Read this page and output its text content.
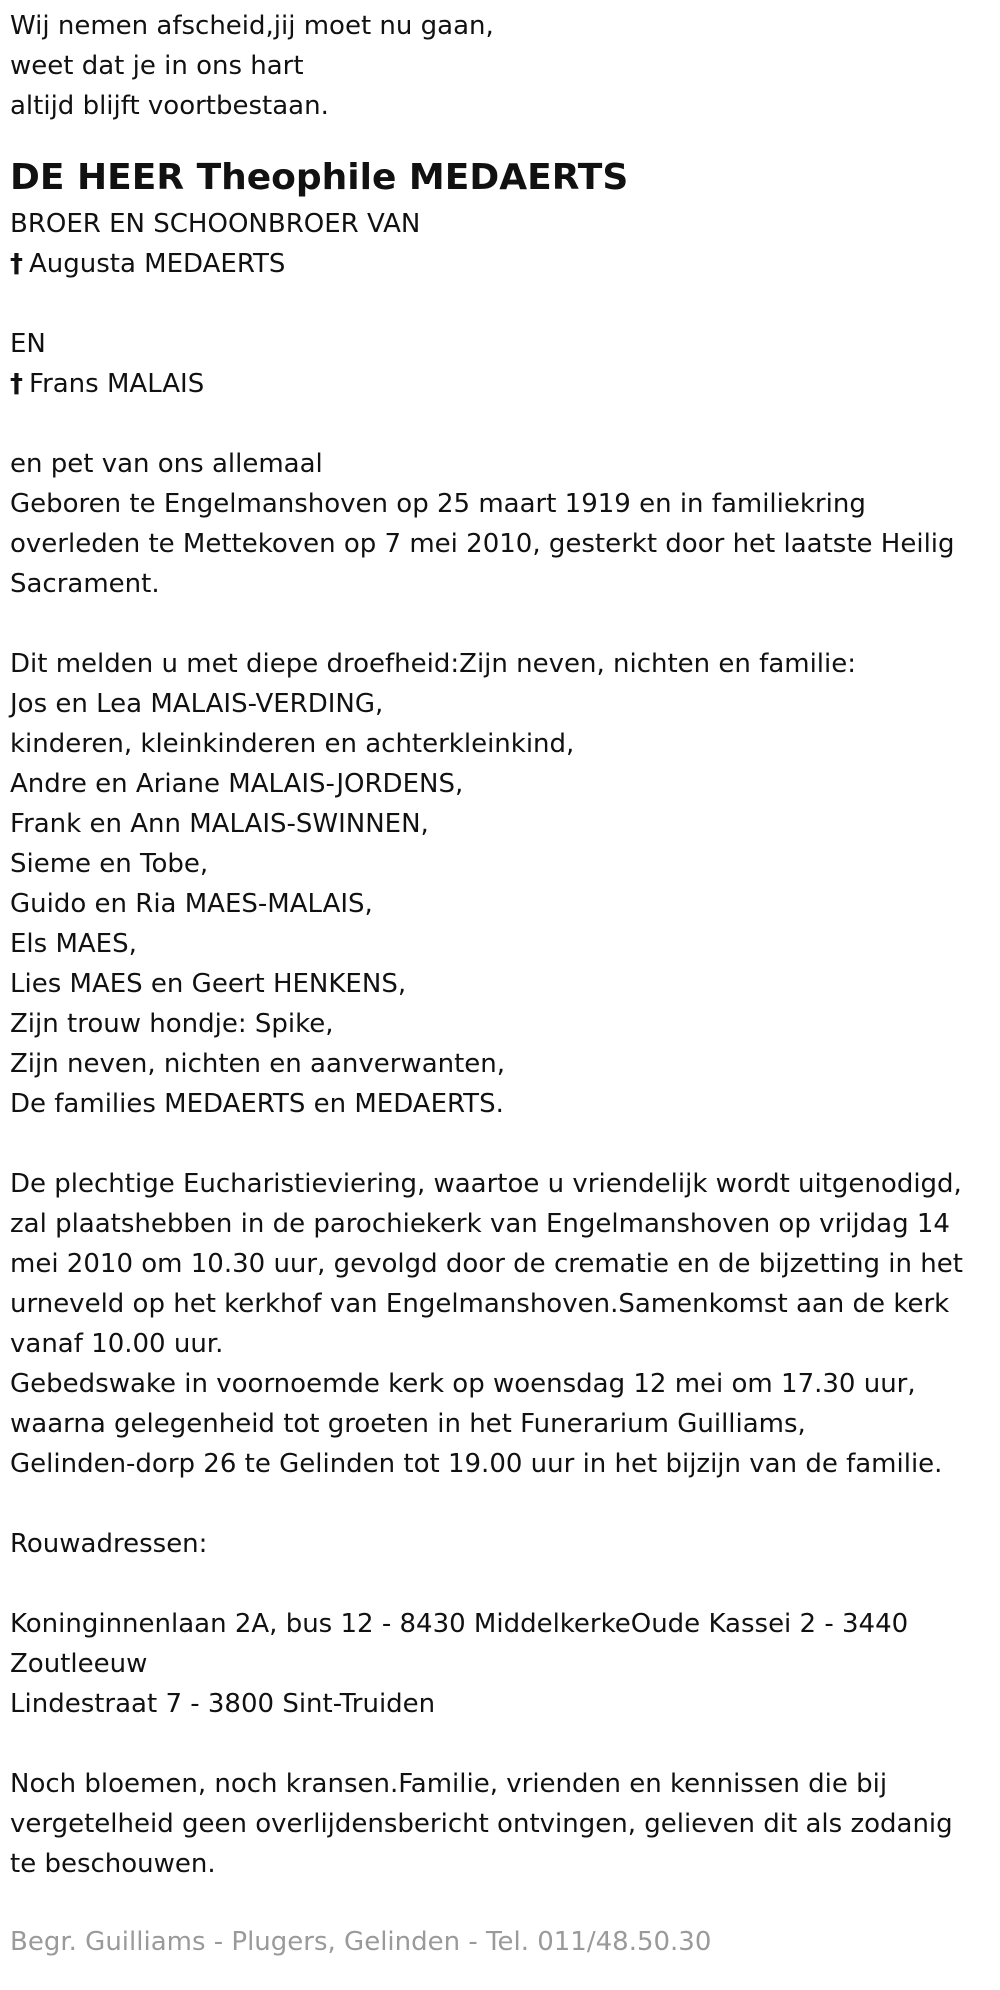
Wij nemen afscheid,jij moet nu gaan,
weet dat je in ons hart
altijd blijft voortbestaan.
DE HEER Theophile MEDAERTS
BROER EN SCHOONBROER VAN
† Augusta MEDAERTS
EN
† Frans MALAIS
en pet van ons allemaal
Geboren te Engelmanshoven op 25 maart 1919 en in familiekring
overleden te Mettekoven op 7 mei 2010, gesterkt door het laatste Heilig
Sacrament.
Dit melden u met diepe droefheid:Zijn neven, nichten en familie:
Jos en Lea MALAIS-VERDING,
kinderen, kleinkinderen en achterkleinkind,
Andre en Ariane MALAIS-JORDENS,
Frank en Ann MALAIS-SWINNEN,
Sieme en Tobe,
Guido en Ria MAES-MALAIS,
Els MAES,
Lies MAES en Geert HENKENS,
Zijn trouw hondje: Spike,
Zijn neven, nichten en aanverwanten,
De families MEDAERTS en MEDAERTS.
De plechtige Eucharistieviering, waartoe u vriendelijk wordt uitgenodigd,
zal plaatshebben in de parochiekerk van Engelmanshoven op vrijdag 14
mei 2010 om 10.30 uur, gevolgd door de crematie en de bijzetting in het
urneveld op het kerkhof van Engelmanshoven.Samenkomst aan de kerk
vanaf 10.00 uur.
Gebedswake in voornoemde kerk op woensdag 12 mei om 17.30 uur,
waarna gelegenheid tot groeten in het Funerarium Guilliams,
Gelinden-dorp 26 te Gelinden tot 19.00 uur in het bijzijn van de familie.
Rouwadressen:
Koninginnenlaan 2A, bus 12 - 8430 MiddelkerkeOude Kassei 2 - 3440
Zoutleeuw
Lindestraat 7 - 3800 Sint-Truiden
Noch bloemen, noch kransen.Familie, vrienden en kennissen die bij
vergetelheid geen overlijdensbericht ontvingen, gelieven dit als zodanig
te beschouwen.
Begr. Guilliams - Plugers, Gelinden - Tel. 011/48.50.30
